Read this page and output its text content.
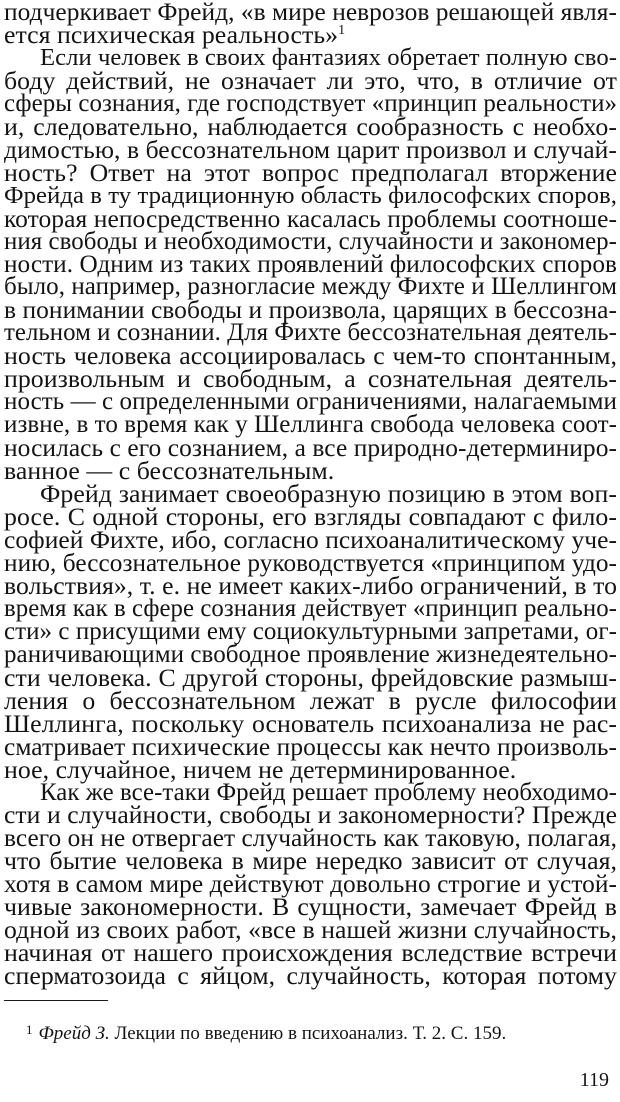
подчеркивает Фрейд, «в мире неврозов решающей явля-
ется психическая реальность»$^1$
Если человек в своих фантазиях обретает полную сво-
боду действий, не означает ли это, что, в отличие от
сферы сознания, где господствует «принцип реальности»
и, следовательно, наблюдается сообразность с необхо-
димостью, в бессознательном царит произвол и случай-
ность? Ответ на этот вопрос предполагал вторжение
Фрейда в ту традиционную область философских споров,
которая непосредственно касалась проблемы соотноше-
ния свободы и необходимости, случайности и закономер-
ности. Одним из таких проявлений философских споров
было, например, разногласие между Фихте и Шеллингом
в понимании свободы и произвола, царящих в бессозна-
тельном и сознании. Для Фихте бессознательная деятель-
ность человека ассоциировалась с чем-то спонтанным,
произвольным и свободным, а сознательная деятель-
ность — с определенными ограничениями, налагаемыми
извне, в то время как у Шеллинга свобода человека соот-
носилась с его сознанием, а все природно-детерминиро-
ванное — с бессознательным.
Фрейд занимает своеобразную позицию в этом воп-
росе. С одной стороны, его взгляды совпадают с фило-
софией Фихте, ибо, согласно психоаналитическому уче-
нию, бессознательное руководствуется «принципом удо-
вольствия», т. е. не имеет каких-либо ограничений, в то
время как в сфере сознания действует «принцип реально-
сти» с присущими ему социокультурными запретами, ог-
раничивающими свободное проявление жизнедеятельно-
сти человека. С другой стороны, фрейдовские размыш-
ления о бессознательном лежат в русле философии
Шеллинга, поскольку основатель психоанализа не рас-
сматривает психические процессы как нечто произволь-
ное, случайное, ничем не детерминированное.
Как же все-таки Фрейд решает проблему необходимо-
сти и случайности, свободы и закономерности? Прежде
всего он не отвергает случайность как таковую, полагая,
что бытие человека в мире нередко зависит от случая,
хотя в самом мире действуют довольно строгие и устой-
чивые закономерности. В сущности, замечает Фрейд в
одной из своих работ, «все в нашей жизни случайность,
начиная от нашего происхождения вследствие встречи
сперматозоида с яйцом, случайность, которая потому
$^1$ Фрейд З. Лекции по введению в психоанализ. Т. 2. С. 159.
119
